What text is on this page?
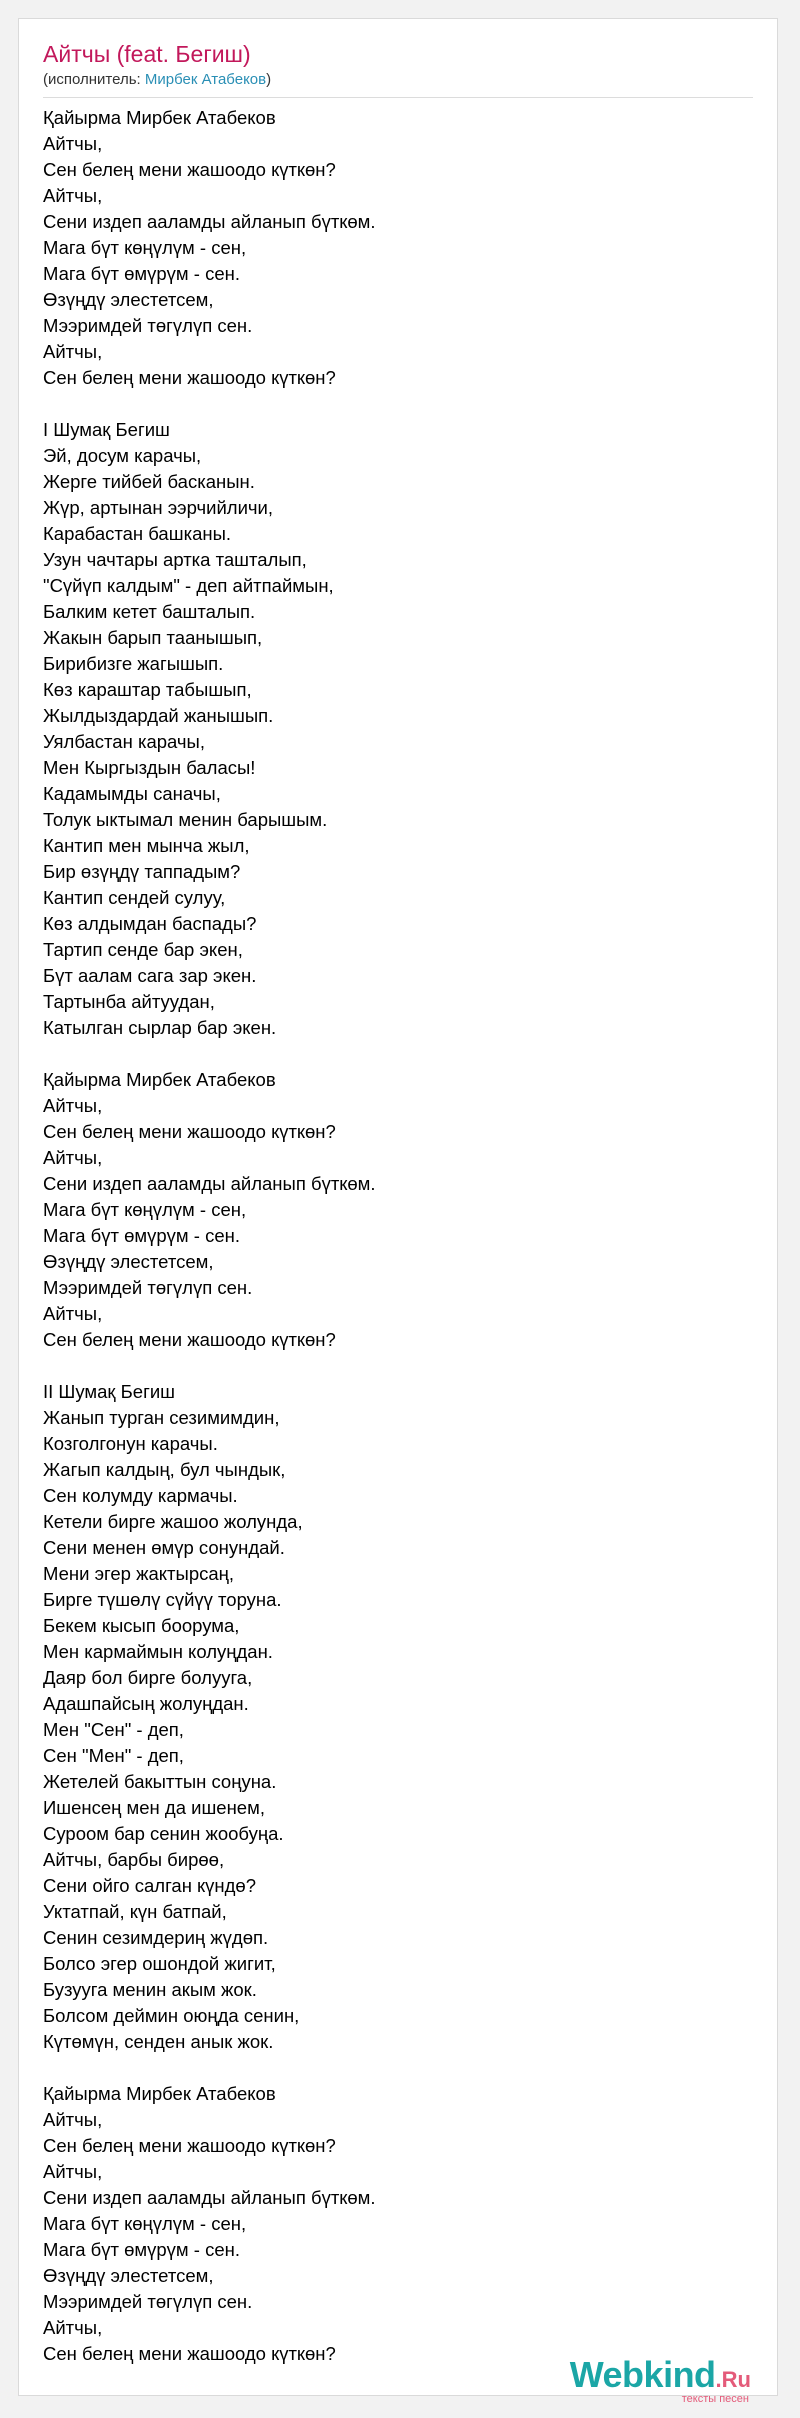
Айтчы (feat. Бегиш)
(исполнитель: Мирбек Атабеков)
Қайырма Мирбек Атабеков
Айтчы,
Сен белең мени жашоодо күткөн?
Айтчы,
Сени издеп ааламды айланып бүткөм.
Мага бүт көңүлүм - сен,
Мага бүт өмүрүм - сен.
Өзүңдү элестетсем,
Мээримдей төгүлүп сен.
Айтчы,
Сен белең мени жашоодо күткөн?
I Шумақ Бегиш
Эй, досум карачы,
Жерге тийбей басканын.
Жүр, артынан ээрчийличи,
Карабастан башканы.
Узун чачтары артка ташталып,
"Сүйүп калдым" - деп айтпаймын,
Балким кетет башталып.
Жакын барып таанышып,
Бирибизге жагышып.
Көз караштар табышып,
Жылдыздардай жанышып.
Уялбастан карачы,
Мен Кыргыздын баласы!
Кадамымды саначы,
Толук ыктымал менин барышым.
Кантип мен мынча жыл,
Бир өзүңдү таппадым?
Кантип сендей сулуу,
Көз алдымдан баспады?
Тартип сенде бар экен,
Бүт аалам сага зар экен.
Тартынба айтуудан,
Катылган сырлар бар экен.
Қайырма Мирбек Атабеков
Айтчы,
Сен белең мени жашоодо күткөн?
Айтчы,
Сени издеп ааламды айланып бүткөм.
Мага бүт көңүлүм - сен,
Мага бүт өмүрүм - сен.
Өзүңдү элестетсем,
Мээримдей төгүлүп сен.
Айтчы,
Сен белең мени жашоодо күткөн?
II Шумақ Бегиш
Жанып турган сезимимдин,
Козголгонун карачы.
Жагып калдың, бул чындык,
Сен колумду кармачы.
Кетели бирге жашоо жолунда,
Сени менен өмүр сонундай.
Мени эгер жактырсаң,
Бирге түшөлү сүйүү торуна.
Бекем кысып боорума,
Мен кармаймын колуңдан.
Даяр бол бирге болууга,
Адашпайсың жолуңдан.
Мен "Сен" - деп,
Сен "Мен" - деп,
Жетелей бакыттын соңуна.
Ишенсең мен да ишенем,
Суроом бар сенин жообуңа.
Айтчы, барбы бирөө,
Сени ойго салган күндө?
Уктатпай, күн батпай,
Сенин сезимдериң жүдөп.
Болсо эгер ошондой жигит,
Бузууга менин акым жок.
Болсом деймин оюңда сенин,
Күтөмүн, сенден анык жок.
Қайырма Мирбек Атабеков
Айтчы,
Сен белең мени жашоодо күткөн?
Айтчы,
Сени издеп ааламды айланып бүткөм.
Мага бүт көңүлүм - сен,
Мага бүт өмүрүм - сен.
Өзүңдү элестетсем,
Мээримдей төгүлүп сен.
Айтчы,
Сен белең мени жашоодо күткөн?
Webkind.Ru
тексты песен
